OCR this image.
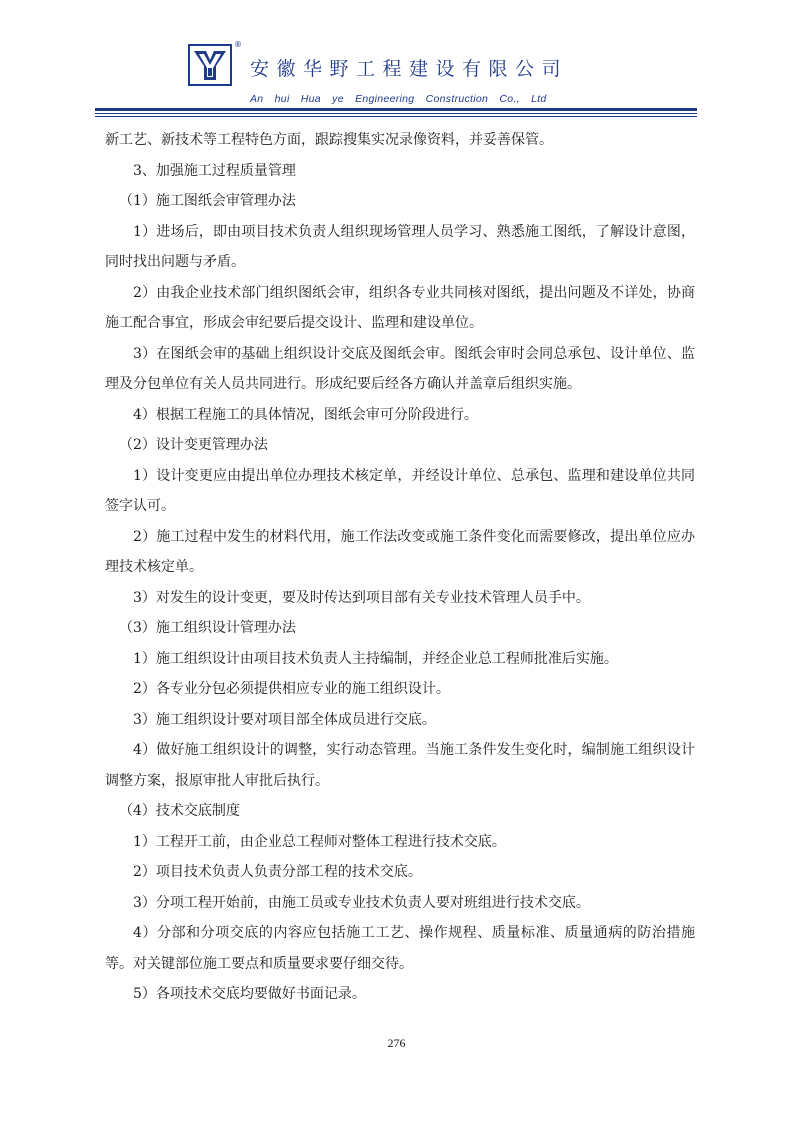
®
安徽华野工程建设有限公司
An hui Hua ye Engineering Construction Co., Ltd

新工艺、新技术等工程特色方面，跟踪搜集实况录像资料，并妥善保管。

3、加强施工过程质量管理

（1）施工图纸会审管理办法

1）进场后，即由项目技术负责人组织现场管理人员学习、熟悉施工图纸，了解设计意图，同时找出问题与矛盾。

2）由我企业技术部门组织图纸会审，组织各专业共同核对图纸，提出问题及不详处，协商施工配合事宜，形成会审纪要后提交设计、监理和建设单位。

3）在图纸会审的基础上组织设计交底及图纸会审。图纸会审时会同总承包、设计单位、监理及分包单位有关人员共同进行。形成纪要后经各方确认并盖章后组织实施。

4）根据工程施工的具体情况，图纸会审可分阶段进行。

（2）设计变更管理办法

1）设计变更应由提出单位办理技术核定单，并经设计单位、总承包、监理和建设单位共同签字认可。

2）施工过程中发生的材料代用，施工作法改变或施工条件变化而需要修改，提出单位应办理技术核定单。

3）对发生的设计变更，要及时传达到项目部有关专业技术管理人员手中。

（3）施工组织设计管理办法

1）施工组织设计由项目技术负责人主持编制，并经企业总工程师批准后实施。

2）各专业分包必须提供相应专业的施工组织设计。

3）施工组织设计要对项目部全体成员进行交底。

4）做好施工组织设计的调整，实行动态管理。当施工条件发生变化时，编制施工组织设计调整方案，报原审批人审批后执行。

（4）技术交底制度

1）工程开工前，由企业总工程师对整体工程进行技术交底。

2）项目技术负责人负责分部工程的技术交底。

3）分项工程开始前，由施工员或专业技术负责人要对班组进行技术交底。

4）分部和分项交底的内容应包括施工工艺、操作规程、质量标准、质量通病的防治措施等。对关键部位施工要点和质量要求要仔细交待。

5）各项技术交底均要做好书面记录。

276
